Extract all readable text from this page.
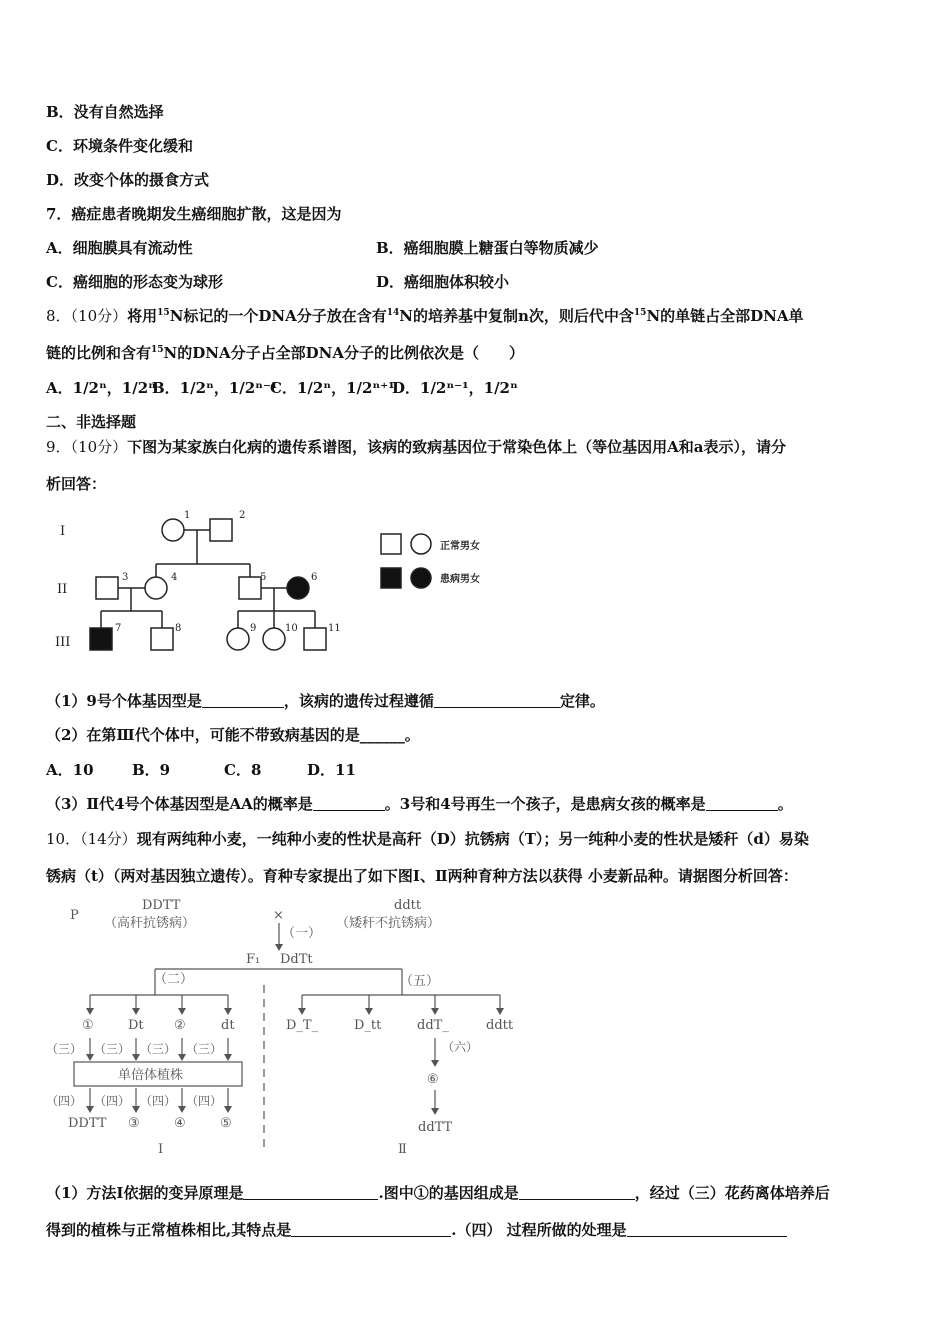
B．没有自然选择
C．环境条件变化缓和
D．改变个体的摄食方式
7．癌症患者晚期发生癌细胞扩散，这是因为
A．细胞膜具有流动性	B．癌细胞膜上糖蛋白等物质减少
C．癌细胞的形态变为球形	D．癌细胞体积较小
8．（10分）将用$^{15}$N标记的一个DNA分子放在含有$^{14}$N的培养基中复制n次，则后代中含$^{15}$N的单链占全部DNA单
链的比例和含有$^{15}$N的DNA分子占全部DNA分子的比例依次是（　　）
A．1/2ⁿ，1/2ⁿ
B．1/2ⁿ，1/2ⁿ⁻¹
C．1/2ⁿ，1/2ⁿ⁺¹
D．1/2ⁿ⁻¹，1/2ⁿ
二、非选择题
9．（10分）下图为某家族白化病的遗传系谱图，该病的致病基因位于常染色体上（等位基因用A和a表示），请分
析回答：
I
II
III
1	2
3	4	5	6
7	8	9	10	11
正常男女
患病男女
（1）9号个体基因型是	，该病的遗传过程遵循	定律。
（2）在第Ⅲ代个体中，可能不带致病基因的是______。
A．10	B．9	C．8	D．11
（3）Ⅱ代4号个体基因型是AA的概率是	。3号和4号再生一个孩子，是患病女孩的概率是	。
10．（14分）现有两纯种小麦，一纯种小麦的性状是高秆（D）抗锈病（T）；另一纯种小麦的性状是矮秆（d）易染
锈病（t）（两对基因独立遗传）。育种专家提出了如下图Ⅰ、Ⅱ两种育种方法以获得 小麦新品种。请据图分析回答：
P
DDTT
（高秆抗锈病）
ddtt
（矮秆不抗锈病）
×
（一）
F₁ DdTt
（二）	（五）
①	Dt ②	dt	D_T_	D_tt	ddT_	ddtt
（三） （三） （三） （三）
单倍体植株
（四） （四） （四） （四）
DDTT ③	④	⑤
（六）
⑥
ddTT
Ⅰ	Ⅱ
（1）方法Ⅰ依据的变异原理是	.图中①的基因组成是	，经过（三）花药离体培养后
得到的植株与正常植株相比,其特点是	.（四） 过程所做的处理是
